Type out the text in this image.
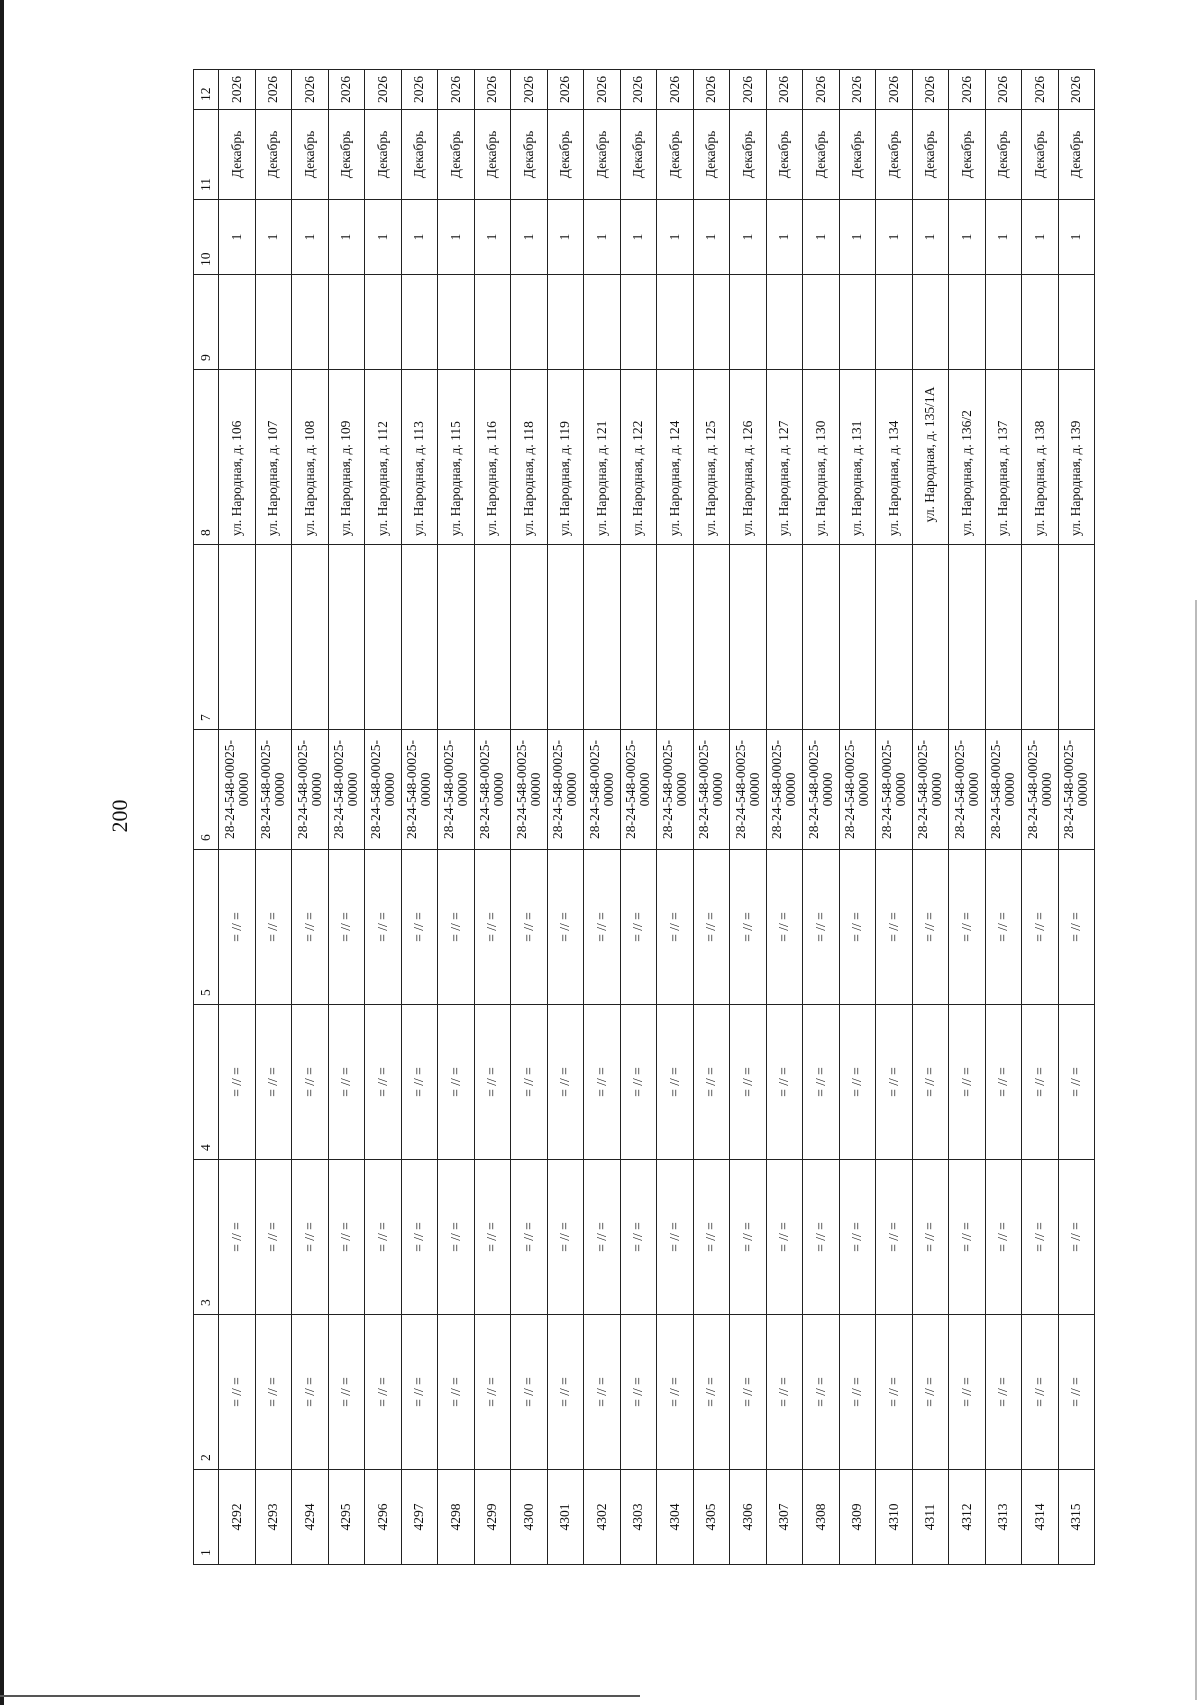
200
1	2	3	4	5	6	7	8	9	10	11	12
4292	= // =	= // =	= // =	= // =	28-24-548-00025-00000		ул. Народная, д. 106		1	Декабрь	2026
4293	= // =	= // =	= // =	= // =	28-24-548-00025-00000		ул. Народная, д. 107		1	Декабрь	2026
4294	= // =	= // =	= // =	= // =	28-24-548-00025-00000		ул. Народная, д. 108		1	Декабрь	2026
4295	= // =	= // =	= // =	= // =	28-24-548-00025-00000		ул. Народная, д. 109		1	Декабрь	2026
4296	= // =	= // =	= // =	= // =	28-24-548-00025-00000		ул. Народная, д. 112		1	Декабрь	2026
4297	= // =	= // =	= // =	= // =	28-24-548-00025-00000		ул. Народная, д. 113		1	Декабрь	2026
4298	= // =	= // =	= // =	= // =	28-24-548-00025-00000		ул. Народная, д. 115		1	Декабрь	2026
4299	= // =	= // =	= // =	= // =	28-24-548-00025-00000		ул. Народная, д. 116		1	Декабрь	2026
4300	= // =	= // =	= // =	= // =	28-24-548-00025-00000		ул. Народная, д. 118		1	Декабрь	2026
4301	= // =	= // =	= // =	= // =	28-24-548-00025-00000		ул. Народная, д. 119		1	Декабрь	2026
4302	= // =	= // =	= // =	= // =	28-24-548-00025-00000		ул. Народная, д. 121		1	Декабрь	2026
4303	= // =	= // =	= // =	= // =	28-24-548-00025-00000		ул. Народная, д. 122		1	Декабрь	2026
4304	= // =	= // =	= // =	= // =	28-24-548-00025-00000		ул. Народная, д. 124		1	Декабрь	2026
4305	= // =	= // =	= // =	= // =	28-24-548-00025-00000		ул. Народная, д. 125		1	Декабрь	2026
4306	= // =	= // =	= // =	= // =	28-24-548-00025-00000		ул. Народная, д. 126		1	Декабрь	2026
4307	= // =	= // =	= // =	= // =	28-24-548-00025-00000		ул. Народная, д. 127		1	Декабрь	2026
4308	= // =	= // =	= // =	= // =	28-24-548-00025-00000		ул. Народная, д. 130		1	Декабрь	2026
4309	= // =	= // =	= // =	= // =	28-24-548-00025-00000		ул. Народная, д. 131		1	Декабрь	2026
4310	= // =	= // =	= // =	= // =	28-24-548-00025-00000		ул. Народная, д. 134		1	Декабрь	2026
4311	= // =	= // =	= // =	= // =	28-24-548-00025-00000		ул. Народная, д. 135/1А		1	Декабрь	2026
4312	= // =	= // =	= // =	= // =	28-24-548-00025-00000		ул. Народная, д. 136/2		1	Декабрь	2026
4313	= // =	= // =	= // =	= // =	28-24-548-00025-00000		ул. Народная, д. 137		1	Декабрь	2026
4314	= // =	= // =	= // =	= // =	28-24-548-00025-00000		ул. Народная, д. 138		1	Декабрь	2026
4315	= // =	= // =	= // =	= // =	28-24-548-00025-00000		ул. Народная, д. 139		1	Декабрь	2026
